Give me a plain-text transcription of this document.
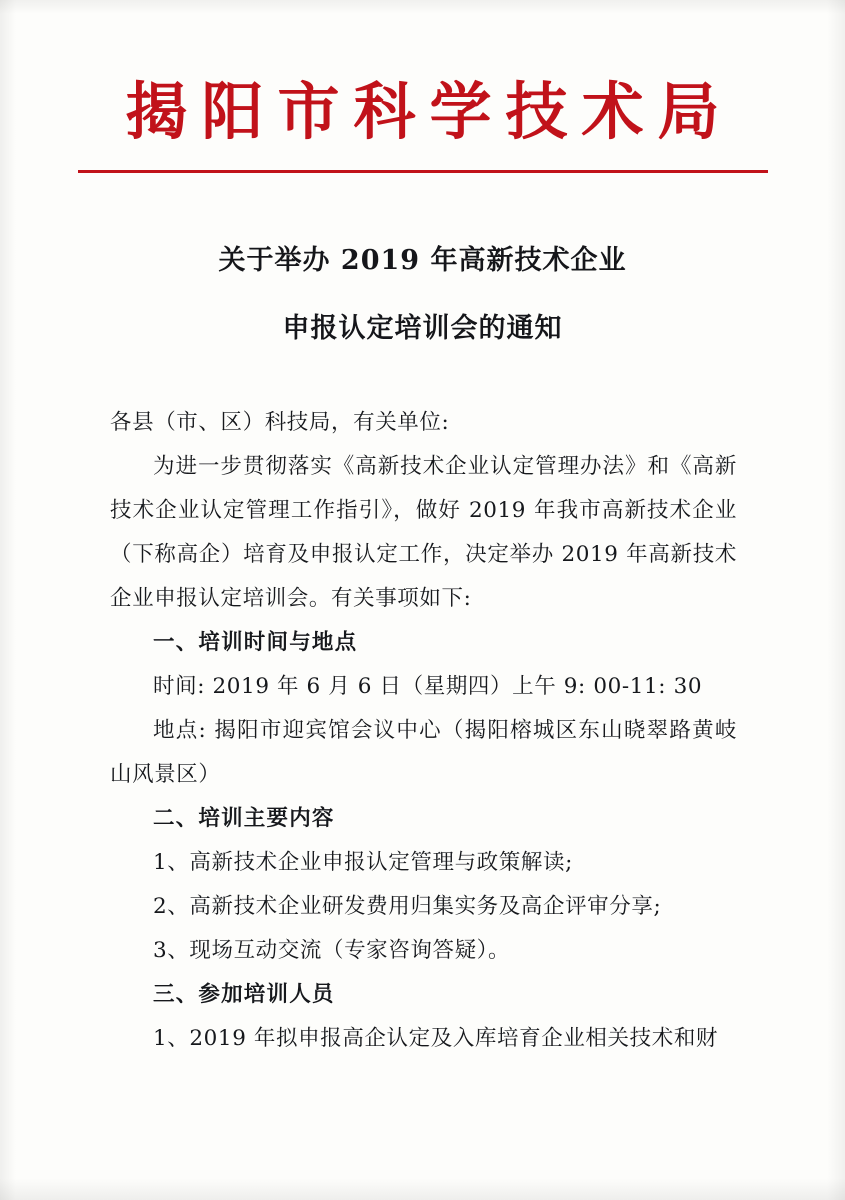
揭阳市科学技术局
关于举办 2019 年高新技术企业
申报认定培训会的通知

各县（市、区）科技局，有关单位:

为进一步贯彻落实《高新技术企业认定管理办法》和《高新技术企业认定管理工作指引》，做好 2019 年我市高新技术企业（下称高企）培育及申报认定工作，决定举办 2019 年高新技术企业申报认定培训会。有关事项如下:

一、培训时间与地点

时间: 2019 年 6 月 6 日（星期四）上午 9: 00-11: 30

地点: 揭阳市迎宾馆会议中心（揭阳榕城区东山晓翠路黄岐山风景区）

二、培训主要内容

1、高新技术企业申报认定管理与政策解读;

2、高新技术企业研发费用归集实务及高企评审分享;

3、现场互动交流（专家咨询答疑）。

三、参加培训人员

1、2019 年拟申报高企认定及入库培育企业相关技术和财
